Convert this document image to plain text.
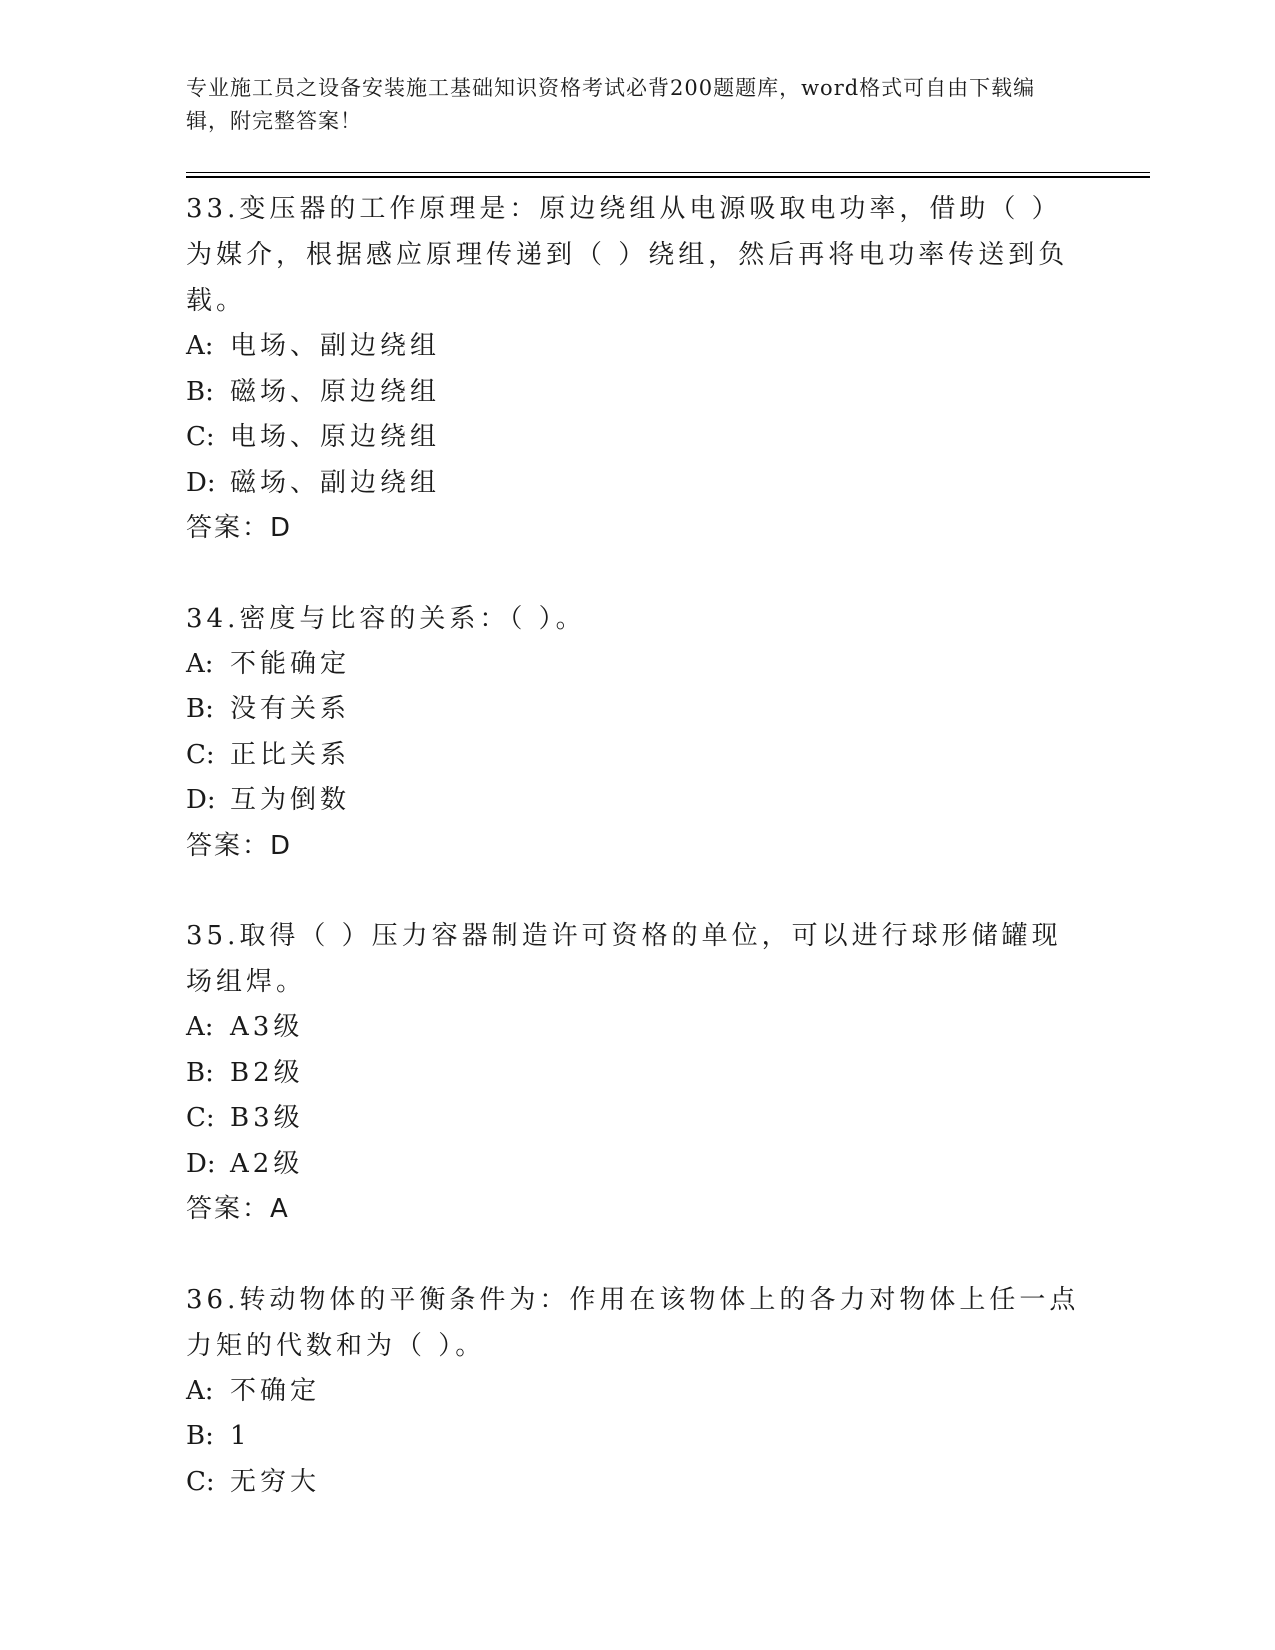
专业施工员之设备安装施工基础知识资格考试必背200题题库，word格式可自由下载编辑，附完整答案！
33.变压器的工作原理是：原边绕组从电源吸取电功率，借助（ ）为媒介，根据感应原理传递到（ ）绕组，然后再将电功率传送到负载。
A: 电场、副边绕组
B: 磁场、原边绕组
C: 电场、原边绕组
D: 磁场、副边绕组
答案：D
34.密度与比容的关系：（ ）。
A: 不能确定
B: 没有关系
C: 正比关系
D: 互为倒数
答案：D
35.取得（ ）压力容器制造许可资格的单位，可以进行球形储罐现场组焊。
A: A3级
B: B2级
C: B3级
D: A2级
答案：A
36.转动物体的平衡条件为：作用在该物体上的各力对物体上任一点力矩的代数和为（ ）。
A: 不确定
B: 1
C: 无穷大
